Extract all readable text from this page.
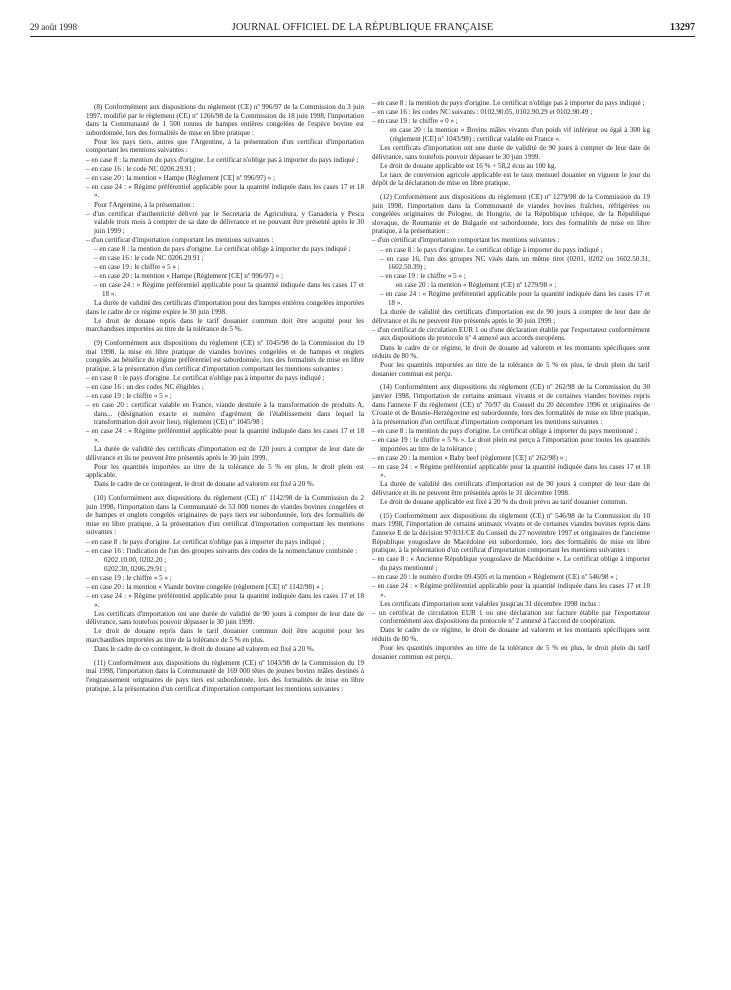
29 août 1998	JOURNAL OFFICIEL DE LA RÉPUBLIQUE FRANÇAISE	13297

(8) Conformément aux dispositions du règlement (CE) nº 996/97 de la Commission du 3 juin 1997, modifié par le règlement (CE) nº 1266/98 de la Commission du 18 juin 1998, l'importation dans la Communauté de 1 500 tonnes de hampes entières congelées de l'espèce bovine est subordonnée, lors des formalités de mise en libre pratique :

Pour les pays tiers, autres que l'Argentine, à la présentation d'un certificat d'importation comportant les mentions suivantes :

– en case 8 : la mention du pays d'origine. Le certificat n'oblige pas à importer du pays indiqué ;

– en case 16 : le code NC 0206.29.91 ;

– en case 20 : la mention « Hampe (Règlement [CE] nº 996/97) » ;

– en case 24 : « Régime préférentiel applicable pour la quantité indiquée dans les cases 17 et 18 ».

Pour l'Argentine, à la présentation :

– d'un certificat d'authenticité délivré par le Secretaria de Agricultura, y Ganaderia y Pesca valable trois mois à compter de sa date de délivrance et ne pouvant être présenté après le 30 juin 1999 ;

– d'un certificat d'importation comportant les mentions suivantes :

– en case 8 : la mention du pays d'origine. Le certificat oblige à importer du pays indiqué ;

– en case 16 : le code NC 0206.29.91 ;

– en case 19 : le chiffre « 5 » ;

– en case 20 : la mention « Hampe (Règlement [CE] nº 996/97) » ;

– en case 24 : « Régime préférentiel applicable pour la quantité indiquée dans les cases 17 et 18 ».

La durée de validité des certificats d'importation pour des hampes entières congelées importées dans le cadre de ce régime expire le 30 juin 1998.

Le droit de douane repris dans le tarif douanier commun doit être acquitté pour les marchandises importées au titre de la tolérance de 5 %.

(9) Conformément aux dispositions du règlement (CE) nº 1045/98 de la Commission du 19 mai 1998, la mise en libre pratique de viandes bovines congelées et de hampes et onglets congelés au bénéfice du régime préférentiel est subordonnée, lors des formalités de mise en libre pratique, à la présentation d'un certificat d'importation comportant les mentions suivantes :

– en case 8 : le pays d'origine. Le certificat n'oblige pas à importer du pays indiqué ;

– en case 16 : un des codes NC éligibles ;

– en case 19 : le chiffre « 5 » ;

– en case 20 : certificat valable en France, viande destinée à la transformation de produits A, dans... (désignation exacte et numéro d'agrément de l'établissement dans lequel la transformation doit avoir lieu), règlement (CE) nº 1045/98 ;

– en case 24 : « Régime préférentiel applicable pour la quantité indiquée dans les cases 17 et 18 ».

La durée de validité des certificats d'importation est de 120 jours à compter de leur date de délivrance et ils ne peuvent être présentés après le 30 juin 1999.

Pour les quantités importées au titre de la tolérance de 5 % en plus, le droit plein est applicable.

Dans le cadre de ce contingent, le droit de douane ad valorem est fixé à 20 %.

(10) Conformément aux dispositions du règlement (CE) nº 1142/98 de la Commission du 2 juin 1998, l'importation dans la Communauté de 53 000 tonnes de viandes bovines congelées et de hampes et onglets congelés originaires de pays tiers est subordonnée, lors des formalités de mise en libre pratique, à la présentation d'un certificat d'importation comportant les mentions suivantes :

– en case 8 : le pays d'origine. Le certificat n'oblige pas à importer du pays indiqué ;

– en case 16 : l'indication de l'un des groupes suivants des codes de la nomenclature combinée :

0202.10.00, 0202.20 ;

0202.30, 0206.29.91 ;

– en case 19 : le chiffre « 5 » ;

– en case 20 : la mention « Viande bovine congelée (règlement [CE] nº 1142/98) » ;

– en case 24 : « Régime préférentiel applicable pour la quantité indiquée dans les cases 17 et 18 ».

Les certificats d'importation ont une durée de validité de 90 jours à compter de leur date de délivrance, sans toutefois pouvoir dépasser le 30 juin 1999.

Le droit de douane repris dans le tarif douanier commun doit être acquitté pour les marchandises importées au titre de la tolérance de 5 % en plus.

Dans le cadre de ce contingent, le droit de douane ad valorem est fixé à 20 %.

(11) Conformément aux dispositions du règlement (CE) nº 1043/98 de la Commission du 19 mai 1998, l'importation dans la Communauté de 169 000 têtes de jeunes bovins mâles destinés à l'engraissement originaires de pays tiers est subordonnée, lors des formalités de mise en libre pratique, à la présentation d'un certificat d'importation comportant les mentions suivantes :

– en case 8 : la mention du pays d'origine. Le certificat n'oblige pas à importer du pays indiqué ;

– en case 16 : les codes NC suivants : 0102.90.05, 0102.90.29 et 0102.90.49 ;

– en case 19 : le chiffre « 0 » ;

en case 20 : la mention « Bovins mâles vivants d'un poids vif inférieur ou égal à 300 kg (règlement [CE] nº 1043/98) ; certificat valable en France ».

Les certificats d'importation ont une durée de validité de 90 jours à compter de leur date de délivrance, sans toutefois pouvoir dépasser le 30 juin 1999.

Le droit de douane applicable est 16 % + 58,2 écus au 100 kg.

Le taux de conversion agricole applicable est le taux mensuel douanier en vigueur le jour du dépôt de la déclaration de mise en libre pratique.

(12) Conformément aux dispositions du règlement (CE) nº 1279/98 de la Commission du 19 juin 1998, l'importation dans la Communauté de viandes bovines fraîches, réfrigérées ou congelées originaires de Pologne, de Hongrie, de la République tchèque, de la République slovaque, de Roumanie et de Bulgarie est subordonnée, lors des formalités de mise en libre pratique, à la présentation :

– d'un certificat d'importation comportant les mentions suivantes :

– en case 8 : le pays d'origine. Le certificat oblige à importer du pays indiqué ;

– en case 16, l'un des groupes NC visés dans un même tiret (0201, 0202 ou 1602.50.31, 1602.50.39) ;

– en case 19 : le chiffre « 5 » ;

en case 20 : la mention « Règlement (CE) nº 1279/98 » ;

– en case 24 : « Régime préférentiel applicable pour la quantité indiquée dans les cases 17 et 18 ».

La durée de validité des certificats d'importation est de 90 jours à compter de leur date de délivrance et ils ne peuvent être présentés après le 30 juin 1999 ;

– d'un certificat de circulation EUR 1 ou d'une déclaration établie par l'exportateur conformément aux dispositions du protocole nº 4 annexé aux accords européens.

Dans le cadre de ce régime, le droit de douane ad valorem et les montants spécifiques sont réduits de 80 %.

Pour les quantités importées au titre de la tolérance de 5 % en plus, le droit plein du tarif douanier commun est perçu.

(14) Conformément aux dispositions du règlement (CE) nº 262/98 de la Commission du 30 janvier 1998, l'importation de certains animaux vivants et de certaines viandes bovines repris dans l'annexe F du règlement (CE) nº 70/97 du Conseil du 20 décembre 1996 et originaires de Croatie et de Bosnie-Herzégovine est subordonnée, lors des formalités de mise en libre pratique, à la présentation d'un certificat d'importation comportant les mentions suivantes :

– en case 8 : la mention du pays d'origine. Le certificat oblige à importer du pays mentionné ;

– en case 19 : le chiffre « 5 % ». Le droit plein est perçu à l'importation pour toutes les quantités importées au titre de la tolérance ;

– en case 20 : la mention « Baby beef (règlement [CE] nº 262/98) » ;

– en case 24 : « Régime préférentiel applicable pour la quantité indiquée dans les cases 17 et 18 ».

La durée de validité des certificats d'importation est de 90 jours à compter de leur date de délivrance et ils ne peuvent être présentés après le 31 décembre 1998.

Le droit de douane applicable est fixé à 20 % du droit prévu au tarif douanier commun.

(15) Conformément aux dispositions du règlement (CE) nº 546/98 de la Commission du 10 mars 1998, l'importation de certains animaux vivants et de certaines viandes bovines repris dans l'annexe E de la décision 97/831/CE du Conseil du 27 novembre 1997 et originaires de l'ancienne République yougoslave de Macédoine est subordonnée, lors des formalités de mise en libre pratique, à la présentation d'un certificat d'importation comportant les mentions suivantes :

– en case 8 : « Ancienne République yougoslave de Macédoine ». Le certificat oblige à importer du pays mentionné ;

– en case 20 : le numéro d'ordre 09.4505 et la mention « Règlement (CE) nº 546/98 » ;

– en case 24 : « Régime préférentiel applicable pour la quantité indiquée dans les cases 17 et 18 ».

Les certificats d'importation sont valables jusqu'au 31 décembre 1998 inclus :

– un certificat de circulation EUR 1 ou une déclaration sur facture établie par l'exportateur conformément aux dispositions du protocole nº 2 annexé à l'accord de coopération.

Dans le cadre de ce régime, le droit de douane ad valorem et les montants spécifiques sont réduits de 80 %.

Pour les quantités importées au titre de la tolérance de 5 % en plus, le droit plein du tarif douanier commun est perçu.
